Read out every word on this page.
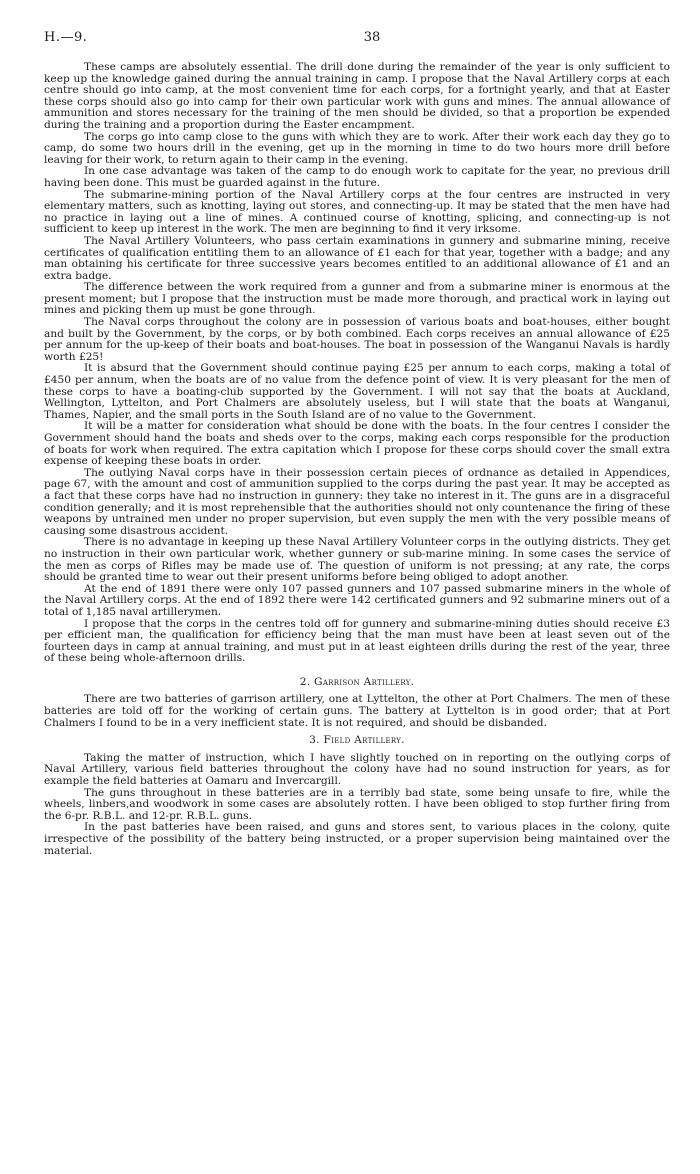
H.—9.	38

These camps are absolutely essential. The drill done during the remainder of the year is only sufficient to keep up the knowledge gained during the annual training in camp. I propose that the Naval Artillery corps at each centre should go into camp, at the most convenient time for each corps, for a fortnight yearly, and that at Easter these corps should also go into camp for their own particular work with guns and mines. The annual allowance of ammunition and stores necessary for the training of the men should be divided, so that a proportion be expended during the training and a proportion during the Easter encampment.

The corps go into camp close to the guns with which they are to work. After their work each day they go to camp, do some two hours drill in the evening, get up in the morning in time to do two hours more drill before leaving for their work, to return again to their camp in the evening.

In one case advantage was taken of the camp to do enough work to capitate for the year, no previous drill having been done. This must be guarded against in the future.

The submarine-mining portion of the Naval Artillery corps at the four centres are instructed in very elementary matters, such as knotting, laying out stores, and connecting-up. It may be stated that the men have had no practice in laying out a line of mines. A continued course of knotting, splicing, and connecting-up is not sufficient to keep up interest in the work. The men are beginning to find it very irksome.

The Naval Artillery Volunteers, who pass certain examinations in gunnery and submarine mining, receive certificates of qualification entitling them to an allowance of £1 each for that year, together with a badge; and any man obtaining his certificate for three successive years becomes entitled to an additional allowance of £1 and an extra badge.

The difference between the work required from a gunner and from a submarine miner is enormous at the present moment; but I propose that the instruction must be made more thorough, and practical work in laying out mines and picking them up must be gone through.

The Naval corps throughout the colony are in possession of various boats and boat-houses, either bought and built by the Government, by the corps, or by both combined. Each corps receives an annual allowance of £25 per annum for the up-keep of their boats and boat-houses. The boat in possession of the Wanganui Navals is hardly worth £25!

It is absurd that the Government should continue paying £25 per annum to each corps, making a total of £450 per annum, when the boats are of no value from the defence point of view. It is very pleasant for the men of these corps to have a boating-club supported by the Government. I will not say that the boats at Auckland, Wellington, Lyttelton, and Port Chalmers are absolutely useless, but I will state that the boats at Wanganui, Thames, Napier, and the small ports in the South Island are of no value to the Government.

It will be a matter for consideration what should be done with the boats. In the four centres I consider the Government should hand the boats and sheds over to the corps, making each corps responsible for the production of boats for work when required. The extra capitation which I propose for these corps should cover the small extra expense of keeping these boats in order.

The outlying Naval corps have in their possession certain pieces of ordnance as detailed in Appendices, page 67, with the amount and cost of ammunition supplied to the corps during the past year. It may be accepted as a fact that these corps have had no instruction in gunnery: they take no interest in it. The guns are in a disgraceful condition generally; and it is most reprehensible that the authorities should not only countenance the firing of these weapons by untrained men under no proper supervision, but even supply the men with the very possible means of causing some disastrous accident.

There is no advantage in keeping up these Naval Artillery Volunteer corps in the outlying districts. They get no instruction in their own particular work, whether gunnery or sub-marine mining. In some cases the service of the men as corps of Rifles may be made use of. The question of uniform is not pressing; at any rate, the corps should be granted time to wear out their present uniforms before being obliged to adopt another.

At the end of 1891 there were only 107 passed gunners and 107 passed submarine miners in the whole of the Naval Artillery corps. At the end of 1892 there were 142 certificated gunners and 92 submarine miners out of a total of 1,185 naval artillerymen.

I propose that the corps in the centres told off for gunnery and submarine-mining duties should receive £3 per efficient man, the qualification for efficiency being that the man must have been at least seven out of the fourteen days in camp at annual training, and must put in at least eighteen drills during the rest of the year, three of these being whole-afternoon drills.

2. Garrison Artillery.

There are two batteries of garrison artillery, one at Lyttelton, the other at Port Chalmers. The men of these batteries are told off for the working of certain guns. The battery at Lyttelton is in good order; that at Port Chalmers I found to be in a very inefficient state. It is not required, and should be disbanded.

3. Field Artillery.

Taking the matter of instruction, which I have slightly touched on in reporting on the outlying corps of Naval Artillery, various field batteries throughout the colony have had no sound instruction for years, as for example the field batteries at Oamaru and Invercargill.

The guns throughout in these batteries are in a terribly bad state, some being unsafe to fire, while the wheels, linbers,and woodwork in some cases are absolutely rotten. I have been obliged to stop further firing from the 6-pr. R.B.L. and 12-pr. R.B.L. guns.

In the past batteries have been raised, and guns and stores sent, to various places in the colony, quite irrespective of the possibility of the battery being instructed, or a proper supervision being maintained over the material.
